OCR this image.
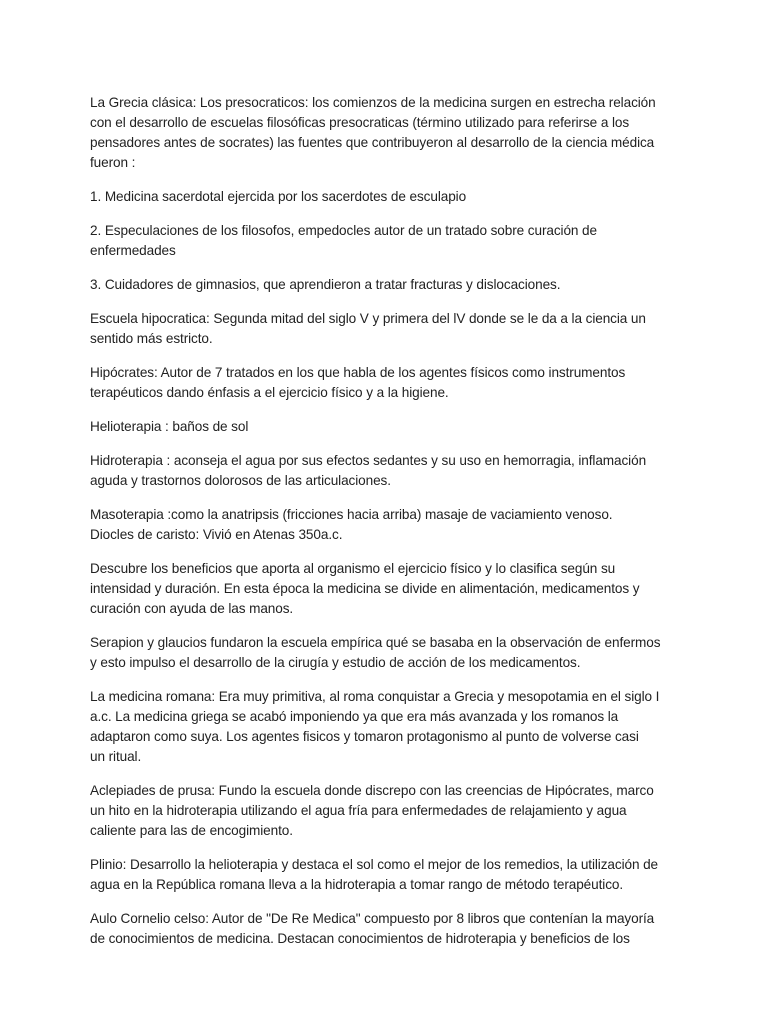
La Grecia clásica: Los presocraticos: los comienzos de la medicina surgen en estrecha relación
con el desarrollo de escuelas filosóficas presocraticas (término utilizado para referirse a los
pensadores antes de socrates) las fuentes que contribuyeron al desarrollo de la ciencia médica
fueron :

1. Medicina sacerdotal ejercida por los sacerdotes de esculapio

2. Especulaciones de los filosofos, empedocles autor de un tratado sobre curación de
enfermedades

3. Cuidadores de gimnasios, que aprendieron a tratar fracturas y dislocaciones.

Escuela hipocratica: Segunda mitad del siglo V y primera del lV donde se le da a la ciencia un
sentido más estricto.

Hipócrates: Autor de 7 tratados en los que habla de los agentes físicos como instrumentos
terapéuticos dando énfasis a el ejercicio físico y a la higiene.

Helioterapia : baños de sol

Hidroterapia : aconseja el agua por sus efectos sedantes y su uso en hemorragia, inflamación
aguda y trastornos dolorosos de las articulaciones.

Masoterapia :como la anatripsis (fricciones hacia arriba) masaje de vaciamiento venoso.
Diocles de caristo: Vivió en Atenas 350a.c.

Descubre los beneficios que aporta al organismo el ejercicio físico y lo clasifica según su
intensidad y duración. En esta época la medicina se divide en alimentación, medicamentos y
curación con ayuda de las manos.

Serapion y glaucios fundaron la escuela empírica qué se basaba en la observación de enfermos
y esto impulso el desarrollo de la cirugía y estudio de acción de los medicamentos.

La medicina romana: Era muy primitiva, al roma conquistar a Grecia y mesopotamia en el siglo I
a.c. La medicina griega se acabó imponiendo ya que era más avanzada y los romanos la
adaptaron como suya. Los agentes fisicos y tomaron protagonismo al punto de volverse casi
un ritual.

Aclepiades de prusa: Fundo la escuela donde discrepo con las creencias de Hipócrates, marco
un hito en la hidroterapia utilizando el agua fría para enfermedades de relajamiento y agua
caliente para las de encogimiento.

Plinio: Desarrollo la helioterapia y destaca el sol como el mejor de los remedios, la utilización de
agua en la República romana lleva a la hidroterapia a tomar rango de método terapéutico.

Aulo Cornelio celso: Autor de "De Re Medica" compuesto por 8 libros que contenían la mayoría
de conocimientos de medicina. Destacan conocimientos de hidroterapia y beneficios de los
